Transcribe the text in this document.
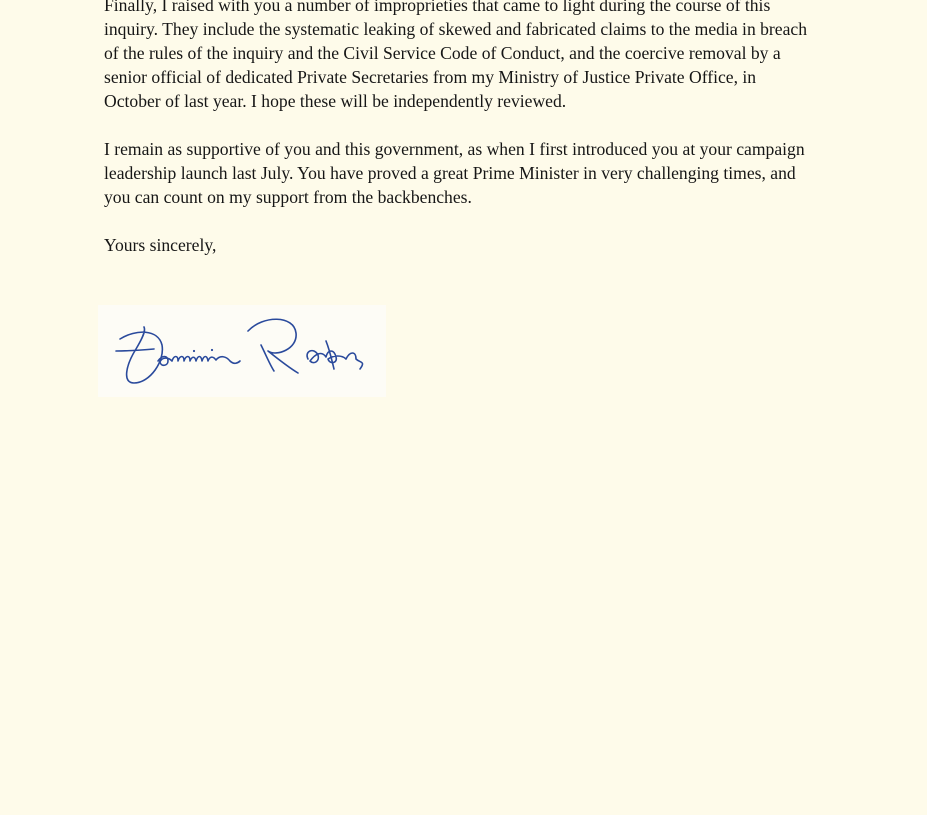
Finally, I raised with you a number of improprieties that came to light during the course of this
inquiry. They include the systematic leaking of skewed and fabricated claims to the media in breach
of the rules of the inquiry and the Civil Service Code of Conduct, and the coercive removal by a
senior official of dedicated Private Secretaries from my Ministry of Justice Private Office, in
October of last year. I hope these will be independently reviewed.

I remain as supportive of you and this government, as when I first introduced you at your campaign
leadership launch last July. You have proved a great Prime Minister in very challenging times, and
you can count on my support from the backbenches.

Yours sincerely,
